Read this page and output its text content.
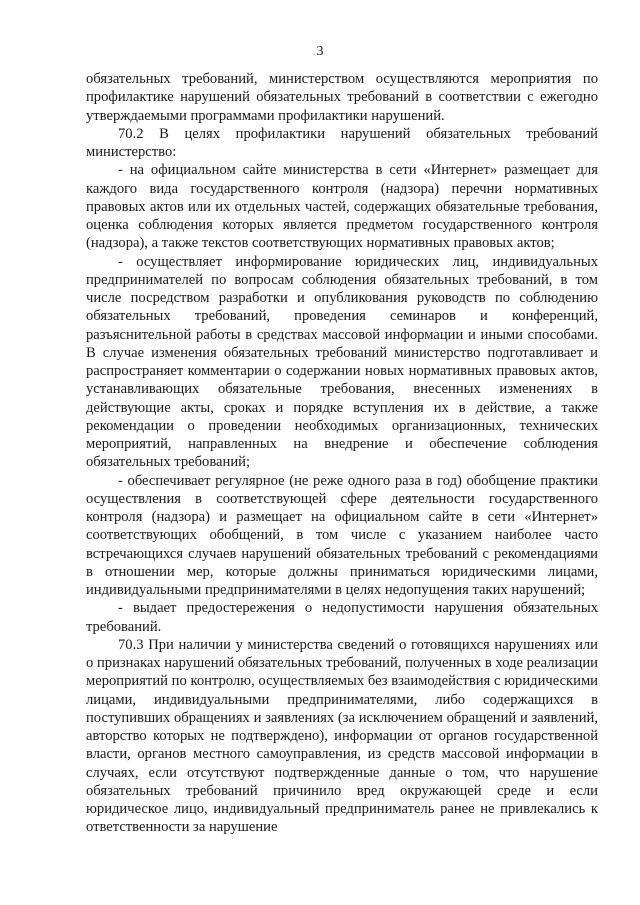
3

обязательных требований, министерством осуществляются мероприятия по профилактике нарушений обязательных требований в соответствии с ежегодно утверждаемыми программами профилактики нарушений.

70.2 В целях профилактики нарушений обязательных требований министерство:

- на официальном сайте министерства в сети «Интернет» размещает для каждого вида государственного контроля (надзора) перечни нормативных правовых актов или их отдельных частей, содержащих обязательные требования, оценка соблюдения которых является предметом государственного контроля (надзора), а также текстов соответствующих нормативных правовых актов;

- осуществляет информирование юридических лиц, индивидуальных предпринимателей по вопросам соблюдения обязательных требований, в том числе посредством разработки и опубликования руководств по соблюдению обязательных требований, проведения семинаров и конференций, разъяснительной работы в средствах массовой информации и иными способами. В случае изменения обязательных требований министерство подготавливает и распространяет комментарии о содержании новых нормативных правовых актов, устанавливающих обязательные требования, внесенных изменениях в действующие акты, сроках и порядке вступления их в действие, а также рекомендации о проведении необходимых организационных, технических мероприятий, направленных на внедрение и обеспечение соблюдения обязательных требований;

- обеспечивает регулярное (не реже одного раза в год) обобщение практики осуществления в соответствующей сфере деятельности государственного контроля (надзора) и размещает на официальном сайте в сети «Интернет» соответствующих обобщений, в том числе с указанием наиболее часто встречающихся случаев нарушений обязательных требований с рекомендациями в отношении мер, которые должны приниматься юридическими лицами, индивидуальными предпринимателями в целях недопущения таких нарушений;

- выдает предостережения о недопустимости нарушения обязательных требований.

70.3 При наличии у министерства сведений о готовящихся нарушениях или о признаках нарушений обязательных требований, полученных в ходе реализации мероприятий по контролю, осуществляемых без взаимодействия с юридическими лицами, индивидуальными предпринимателями, либо содержащихся в поступивших обращениях и заявлениях (за исключением обращений и заявлений, авторство которых не подтверждено), информации от органов государственной власти, органов местного самоуправления, из средств массовой информации в случаях, если отсутствуют подтвержденные данные о том, что нарушение обязательных требований причинило вред окружающей среде и если юридическое лицо, индивидуальный предприниматель ранее не привлекались к ответственности за нарушение
